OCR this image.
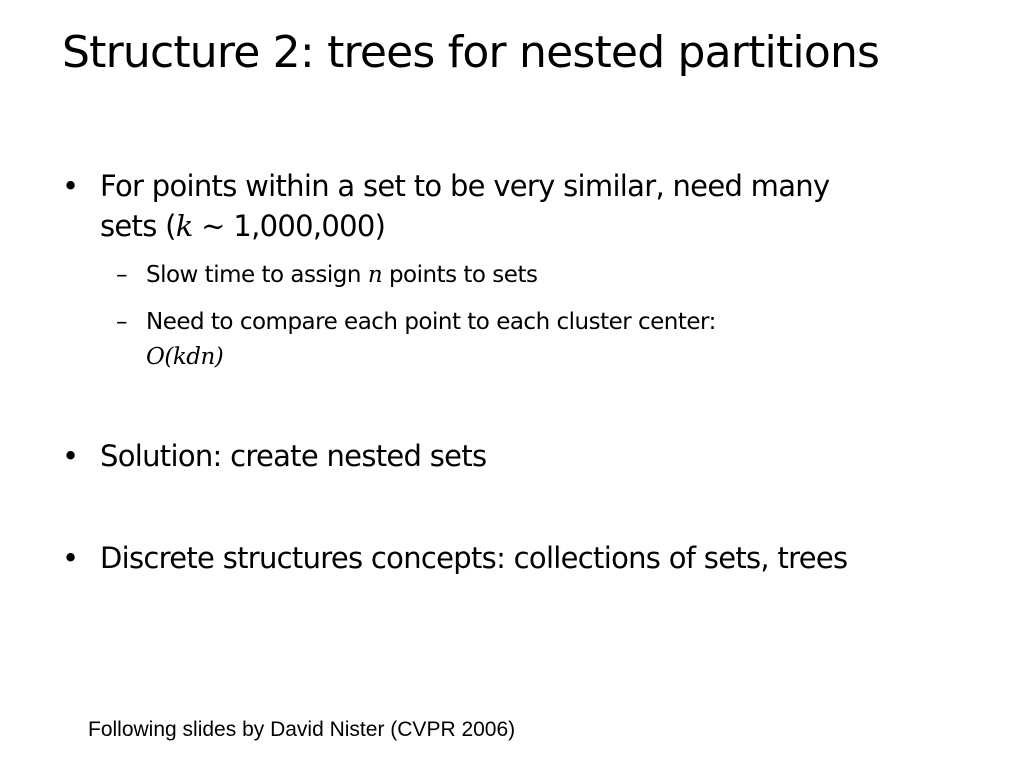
Structure 2: trees for nested partitions
• For points within a set to be very similar, need many
sets (k ∼ 1,000,000)
– Slow time to assign n points to sets
– Need to compare each point to each cluster center:
O(kdn)
• Solution: create nested sets
• Discrete structures concepts: collections of sets, trees
Following slides by David Nister (CVPR 2006)
